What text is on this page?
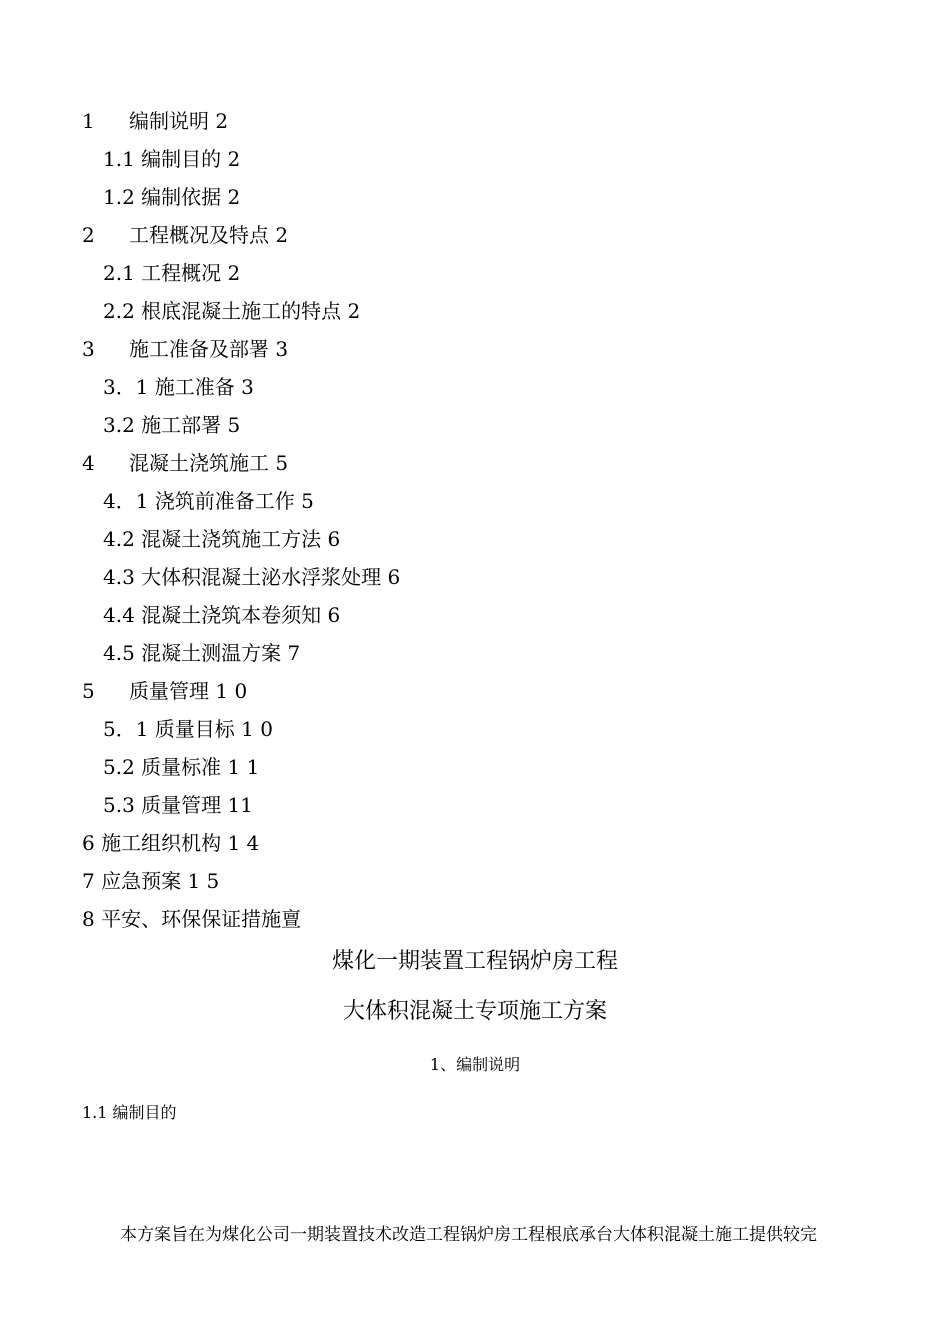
1 编制说明 2
1.1 编制目的 2
1.2 编制依据 2
2 工程概况及特点 2
2.1 工程概况 2
2.2 根底混凝土施工的特点 2
3 施工准备及部署 3
3．1 施工准备 3
3.2 施工部署 5
4 混凝土浇筑施工 5
4．1 浇筑前准备工作 5
4.2 混凝土浇筑施工方法 6
4.3 大体积混凝土泌水浮浆处理 6
4.4 混凝土浇筑本卷须知 6
4.5 混凝土测温方案 7
5 质量管理 1 0
5．1 质量目标 1 0
5.2 质量标准 1 1
5.3 质量管理 11
6 施工组织机构 1 4
7 应急预案 1 5
8 平安、环保保证措施亶
煤化一期装置工程锅炉房工程
大体积混凝土专项施工方案
1、编制说明
1.1 编制目的
本方案旨在为煤化公司一期装置技术改造工程锅炉房工程根底承台大体积混凝土施工提供较完
